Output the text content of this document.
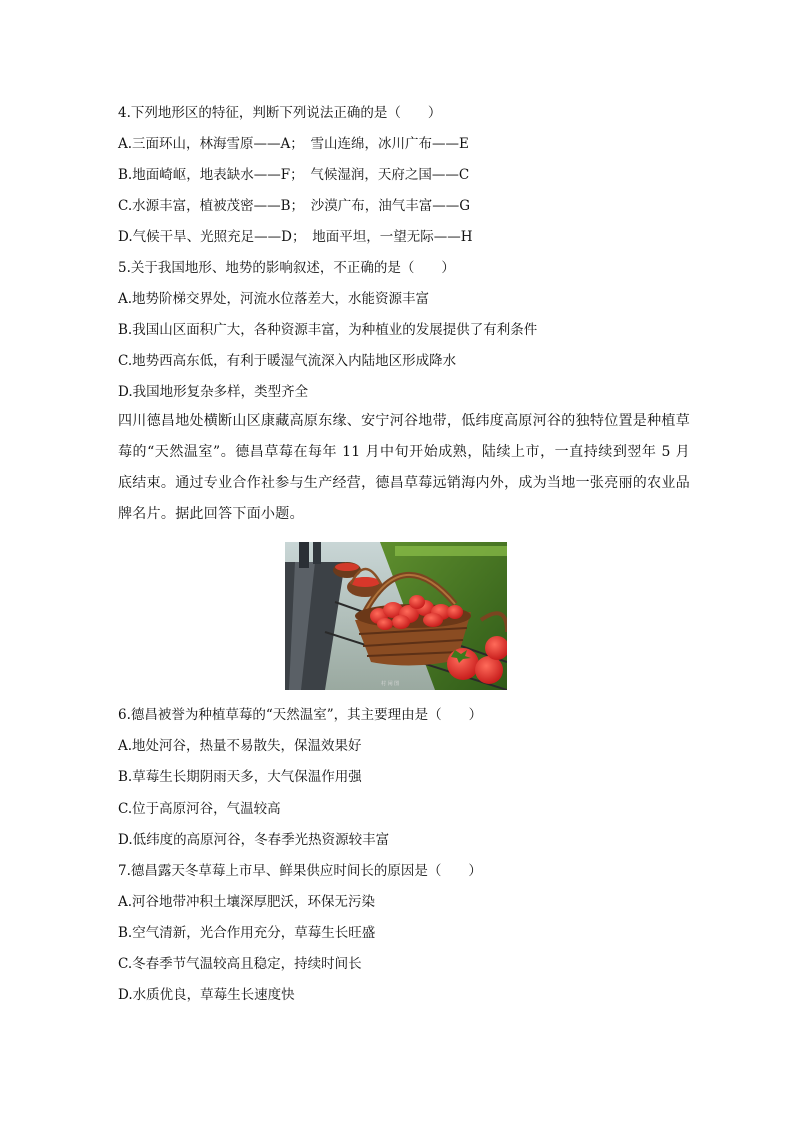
4.下列地形区的特征，判断下列说法正确的是（　　）
A.三面环山，林海雪原——A；　雪山连绵，冰川广布——E
B.地面崎岖，地表缺水——F；　气候湿润，天府之国——C
C.水源丰富，植被茂密——B；　沙漠广布，油气丰富——G
D.气候干旱、光照充足——D；　地面平坦，一望无际——H
5.关于我国地形、地势的影响叙述，不正确的是（　　）
A.地势阶梯交界处，河流水位落差大，水能资源丰富
B.我国山区面积广大，各种资源丰富，为种植业的发展提供了有利条件
C.地势西高东低，有利于暖湿气流深入内陆地区形成降水
D.我国地形复杂多样，类型齐全
四川德昌地处横断山区康藏高原东缘、安宁河谷地带，低纬度高原河谷的独特位置是种植草莓的“天然温室”。德昌草莓在每年 11 月中旬开始成熟，陆续上市，一直持续到翌年 5 月底结束。通过专业合作社参与生产经营，德昌草莓远销海内外，成为当地一张亮丽的农业品牌名片。据此回答下面小题。
村 闲 图
6.德昌被誉为种植草莓的“天然温室”，其主要理由是（　　）
A.地处河谷，热量不易散失，保温效果好
B.草莓生长期阴雨天多，大气保温作用强
C.位于高原河谷，气温较高
D.低纬度的高原河谷，冬春季光热资源较丰富
7.德昌露天冬草莓上市早、鲜果供应时间长的原因是（　　）
A.河谷地带冲积土壤深厚肥沃，环保无污染
B.空气清新，光合作用充分，草莓生长旺盛
C.冬春季节气温较高且稳定，持续时间长
D.水质优良，草莓生长速度快
